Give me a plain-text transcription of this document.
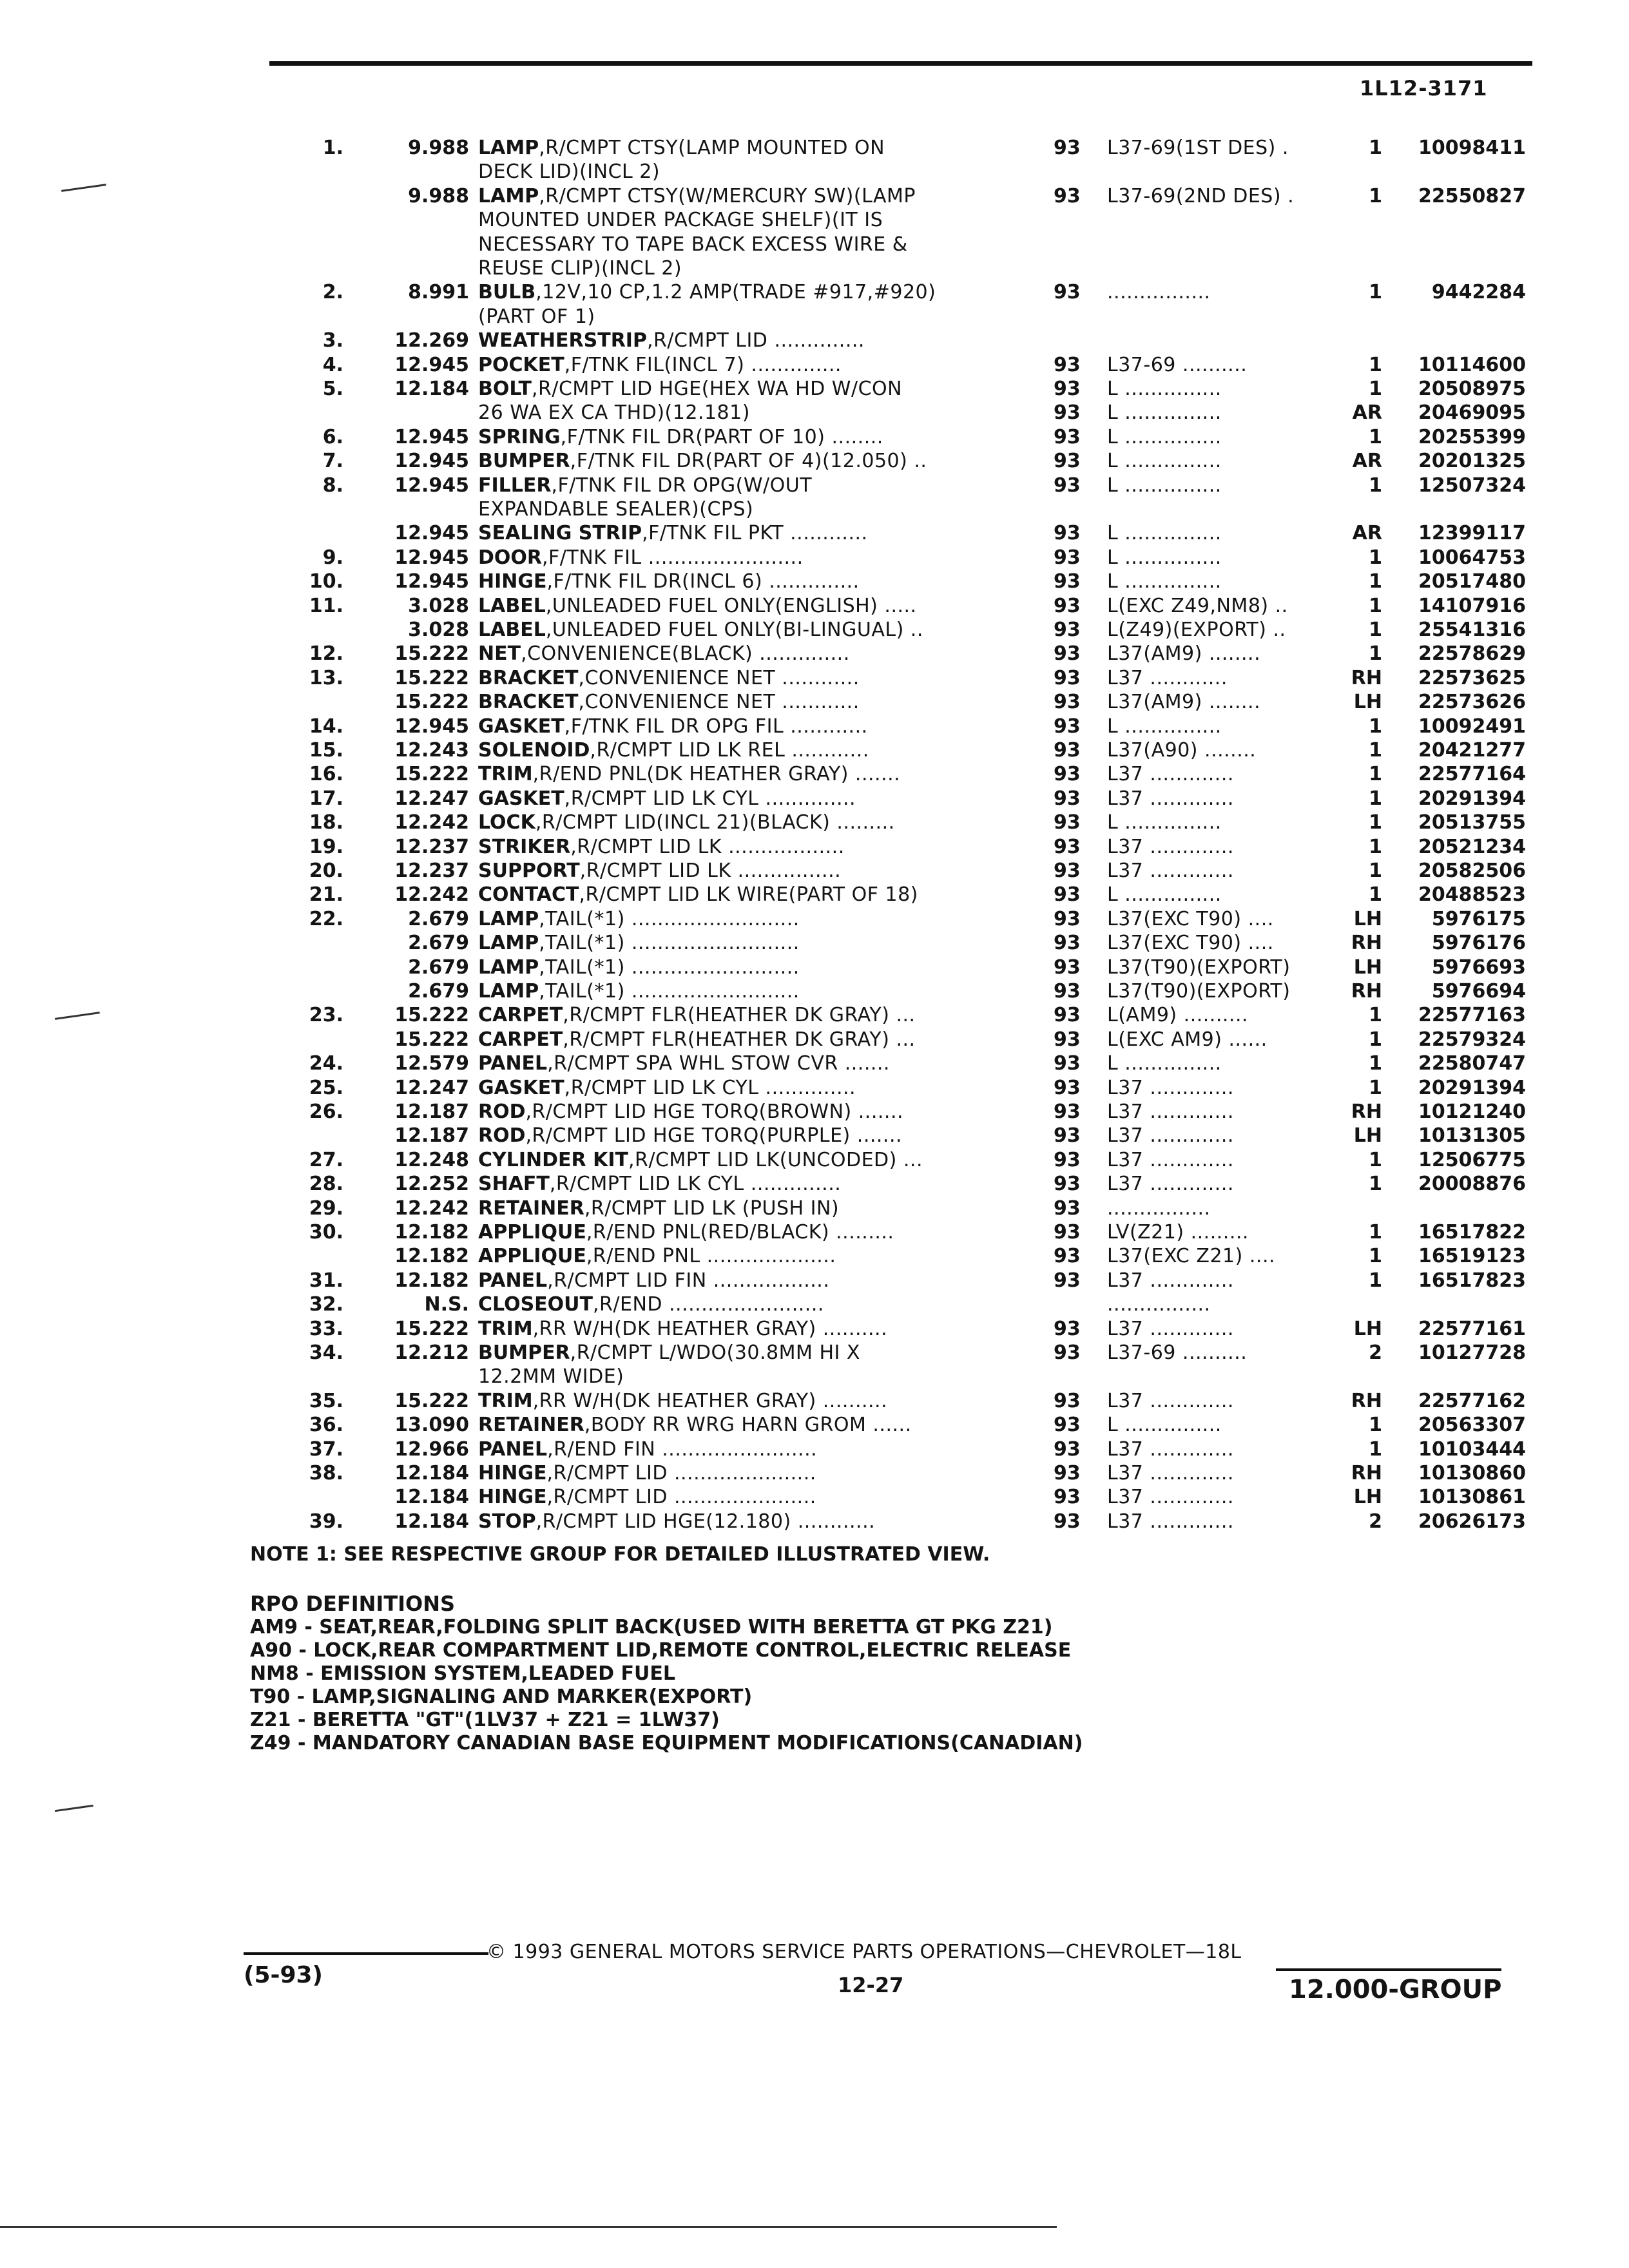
1L12-3171
1.	9.988 LAMP,R/CMPT CTSY(LAMP MOUNTED ON	93	L37-69(1ST DES) .	1	10098411
DECK LID)(INCL 2)
9.988 LAMP,R/CMPT CTSY(W/MERCURY SW)(LAMP	93	L37-69(2ND DES) .	1	22550827
MOUNTED UNDER PACKAGE SHELF)(IT IS
NECESSARY TO TAPE BACK EXCESS WIRE &
REUSE CLIP)(INCL 2)
2.	8.991 BULB,12V,10 CP,1.2 AMP(TRADE #917,#920)	93	................	1	9442284
(PART OF 1)
3.	12.269 WEATHERSTRIP,R/CMPT LID ..............
4.	12.945 POCKET,F/TNK FIL(INCL 7) ..............	93	L37-69 ..........	1	10114600
5.	12.184 BOLT,R/CMPT LID HGE(HEX WA HD W/CON	93	L ...............	1	20508975
26 WA EX CA THD)(12.181)	93	L ...............	AR	20469095
6.	12.945 SPRING,F/TNK FIL DR(PART OF 10) ........	93	L ...............	1	20255399
7.	12.945 BUMPER,F/TNK FIL DR(PART OF 4)(12.050) ..	93	L ...............	AR	20201325
8.	12.945 FILLER,F/TNK FIL DR OPG(W/OUT	93	L ...............	1	12507324
EXPANDABLE SEALER)(CPS)
12.945 SEALING STRIP,F/TNK FIL PKT ............	93	L ...............	AR	12399117
9.	12.945 DOOR,F/TNK FIL ........................	93	L ...............	1	10064753
10.	12.945 HINGE,F/TNK FIL DR(INCL 6) ..............	93	L ...............	1	20517480
11.	3.028 LABEL,UNLEADED FUEL ONLY(ENGLISH) .....	93	L(EXC Z49,NM8) ..	1	14107916
3.028 LABEL,UNLEADED FUEL ONLY(BI-LINGUAL) ..	93	L(Z49)(EXPORT) ..	1	25541316
12.	15.222 NET,CONVENIENCE(BLACK) ..............	93	L37(AM9) ........	1	22578629
13.	15.222 BRACKET,CONVENIENCE NET ............	93	L37 ............	RH	22573625
15.222 BRACKET,CONVENIENCE NET ............	93	L37(AM9) ........	LH	22573626
14.	12.945 GASKET,F/TNK FIL DR OPG FIL ............	93	L ...............	1	10092491
15.	12.243 SOLENOID,R/CMPT LID LK REL ............	93	L37(A90) ........	1	20421277
16.	15.222 TRIM,R/END PNL(DK HEATHER GRAY) .......	93	L37 .............	1	22577164
17.	12.247 GASKET,R/CMPT LID LK CYL ..............	93	L37 .............	1	20291394
18.	12.242 LOCK,R/CMPT LID(INCL 21)(BLACK) .........	93	L ...............	1	20513755
19.	12.237 STRIKER,R/CMPT LID LK ..................	93	L37 .............	1	20521234
20.	12.237 SUPPORT,R/CMPT LID LK ................	93	L37 .............	1	20582506
21.	12.242 CONTACT,R/CMPT LID LK WIRE(PART OF 18)	93	L ...............	1	20488523
22.	2.679 LAMP,TAIL(*1) ..........................	93	L37(EXC T90) ....	LH	5976175
2.679 LAMP,TAIL(*1) ..........................	93	L37(EXC T90) ....	RH	5976176
2.679 LAMP,TAIL(*1) ..........................	93	L37(T90)(EXPORT)	LH	5976693
2.679 LAMP,TAIL(*1) ..........................	93	L37(T90)(EXPORT)	RH	5976694
23.	15.222 CARPET,R/CMPT FLR(HEATHER DK GRAY) ...	93	L(AM9) ..........	1	22577163
15.222 CARPET,R/CMPT FLR(HEATHER DK GRAY) ...	93	L(EXC AM9) ......	1	22579324
24.	12.579 PANEL,R/CMPT SPA WHL STOW CVR .......	93	L ...............	1	22580747
25.	12.247 GASKET,R/CMPT LID LK CYL ..............	93	L37 .............	1	20291394
26.	12.187 ROD,R/CMPT LID HGE TORQ(BROWN) .......	93	L37 .............	RH	10121240
12.187 ROD,R/CMPT LID HGE TORQ(PURPLE) .......	93	L37 .............	LH	10131305
27.	12.248 CYLINDER KIT,R/CMPT LID LK(UNCODED) ...	93	L37 .............	1	12506775
28.	12.252 SHAFT,R/CMPT LID LK CYL ..............	93	L37 .............	1	20008876
29.	12.242 RETAINER,R/CMPT LID LK (PUSH IN)	93	................
30.	12.182 APPLIQUE,R/END PNL(RED/BLACK) .........	93	LV(Z21) .........	1	16517822
12.182 APPLIQUE,R/END PNL ....................	93	L37(EXC Z21) ....	1	16519123
31.	12.182 PANEL,R/CMPT LID FIN ..................	93	L37 .............	1	16517823
32.	N.S. CLOSEOUT,R/END ........................	................
33.	15.222 TRIM,RR W/H(DK HEATHER GRAY) ..........	93	L37 .............	LH	22577161
34.	12.212 BUMPER,R/CMPT L/WDO(30.8MM HI X	93	L37-69 ..........	2	10127728
12.2MM WIDE)
35.	15.222 TRIM,RR W/H(DK HEATHER GRAY) ..........	93	L37 .............	RH	22577162
36.	13.090 RETAINER,BODY RR WRG HARN GROM ......	93	L ...............	1	20563307
37.	12.966 PANEL,R/END FIN ........................	93	L37 .............	1	10103444
38.	12.184 HINGE,R/CMPT LID ......................	93	L37 .............	RH	10130860
12.184 HINGE,R/CMPT LID ......................	93	L37 .............	LH	10130861
39.	12.184 STOP,R/CMPT LID HGE(12.180) ............	93	L37 .............	2	20626173
NOTE 1: SEE RESPECTIVE GROUP FOR DETAILED ILLUSTRATED VIEW.
RPO DEFINITIONS
AM9 - SEAT,REAR,FOLDING SPLIT BACK(USED WITH BERETTA GT PKG Z21)
A90 - LOCK,REAR COMPARTMENT LID,REMOTE CONTROL,ELECTRIC RELEASE
NM8 - EMISSION SYSTEM,LEADED FUEL
T90 - LAMP,SIGNALING AND MARKER(EXPORT)
Z21 - BERETTA "GT"(1LV37 + Z21 = 1LW37)
Z49 - MANDATORY CANADIAN BASE EQUIPMENT MODIFICATIONS(CANADIAN)
© 1993 GENERAL MOTORS SERVICE PARTS OPERATIONS—CHEVROLET—18L
(5-93)	12-27	12.000-GROUP
